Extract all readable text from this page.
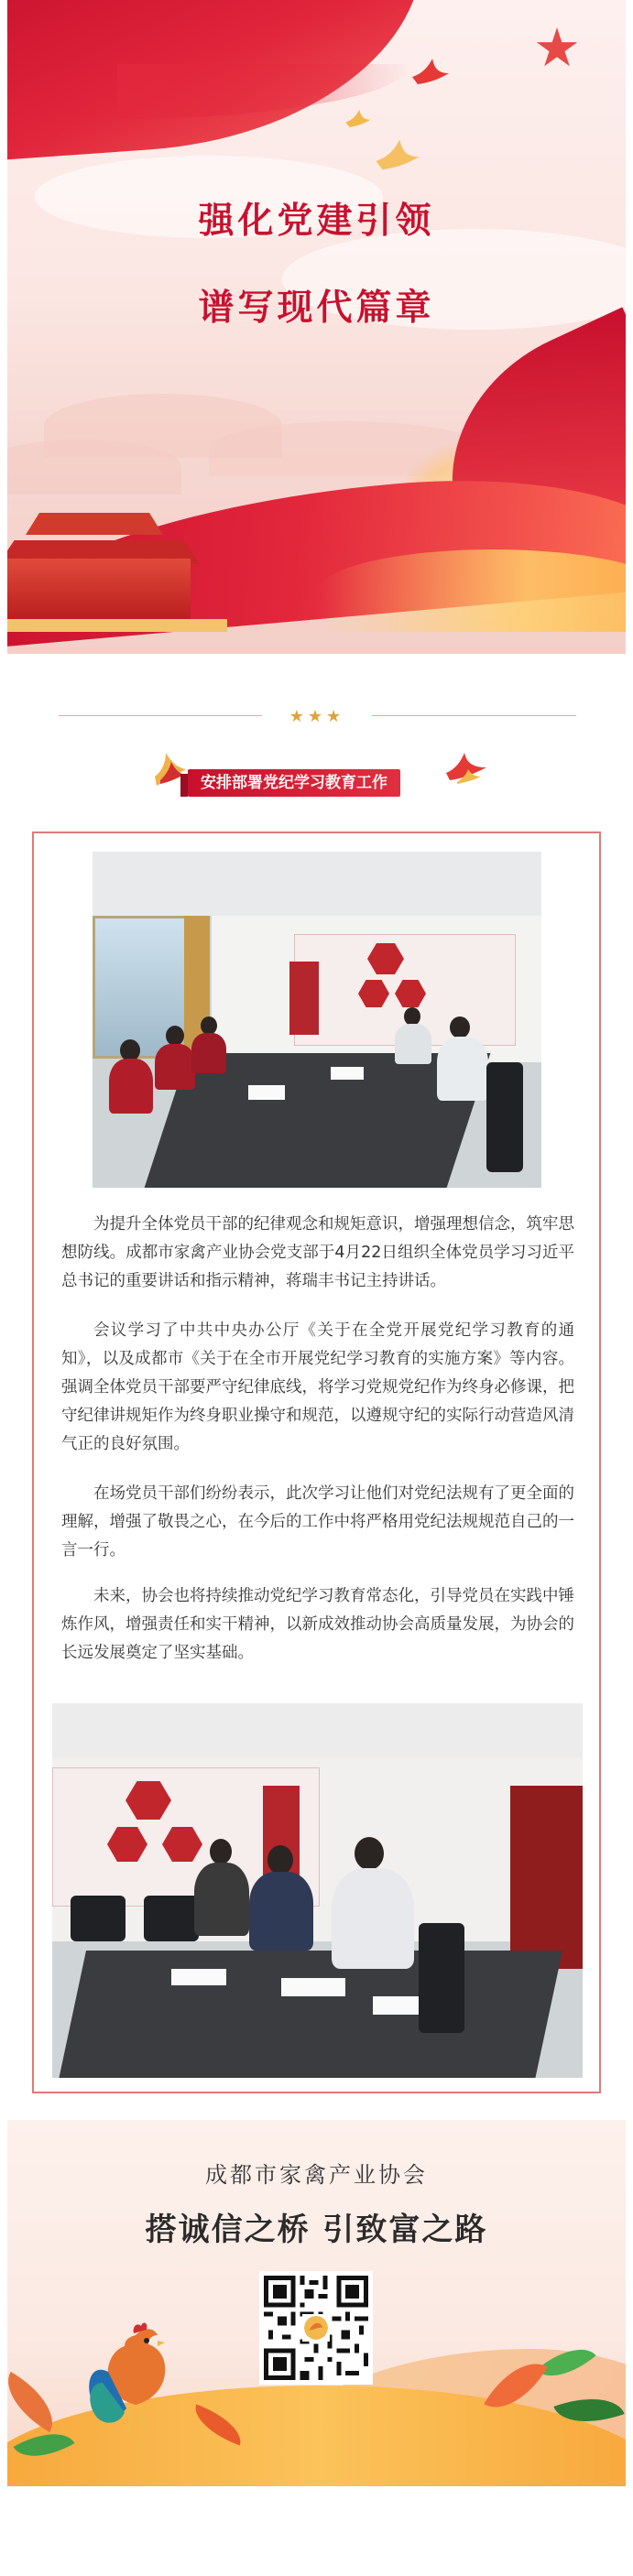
★
强化党建引领
谱写现代篇章
★★★
安排部署党纪学习教育工作

为提升全体党员干部的纪律观念和规矩意识，增强理想信念，筑牢思想防线。成都市家禽产业协会党支部于4月22日组织全体党员学习习近平总书记的重要讲话和指示精神，蒋瑞丰书记主持讲话。

会议学习了中共中央办公厅《关于在全党开展党纪学习教育的通知》，以及成都市《关于在全市开展党纪学习教育的实施方案》等内容。强调全体党员干部要严守纪律底线，将学习党规党纪作为终身必修课，把守纪律讲规矩作为终身职业操守和规范，以遵规守纪的实际行动营造风清气正的良好氛围。

在场党员干部们纷纷表示，此次学习让他们对党纪法规有了更全面的理解，增强了敬畏之心，在今后的工作中将严格用党纪法规规范自己的一言一行。

未来，协会也将持续推动党纪学习教育常态化，引导党员在实践中锤炼作风，增强责任和实干精神，以新成效推动协会高质量发展，为协会的长远发展奠定了坚实基础。

成都市家禽产业协会
搭诚信之桥 引致富之路
